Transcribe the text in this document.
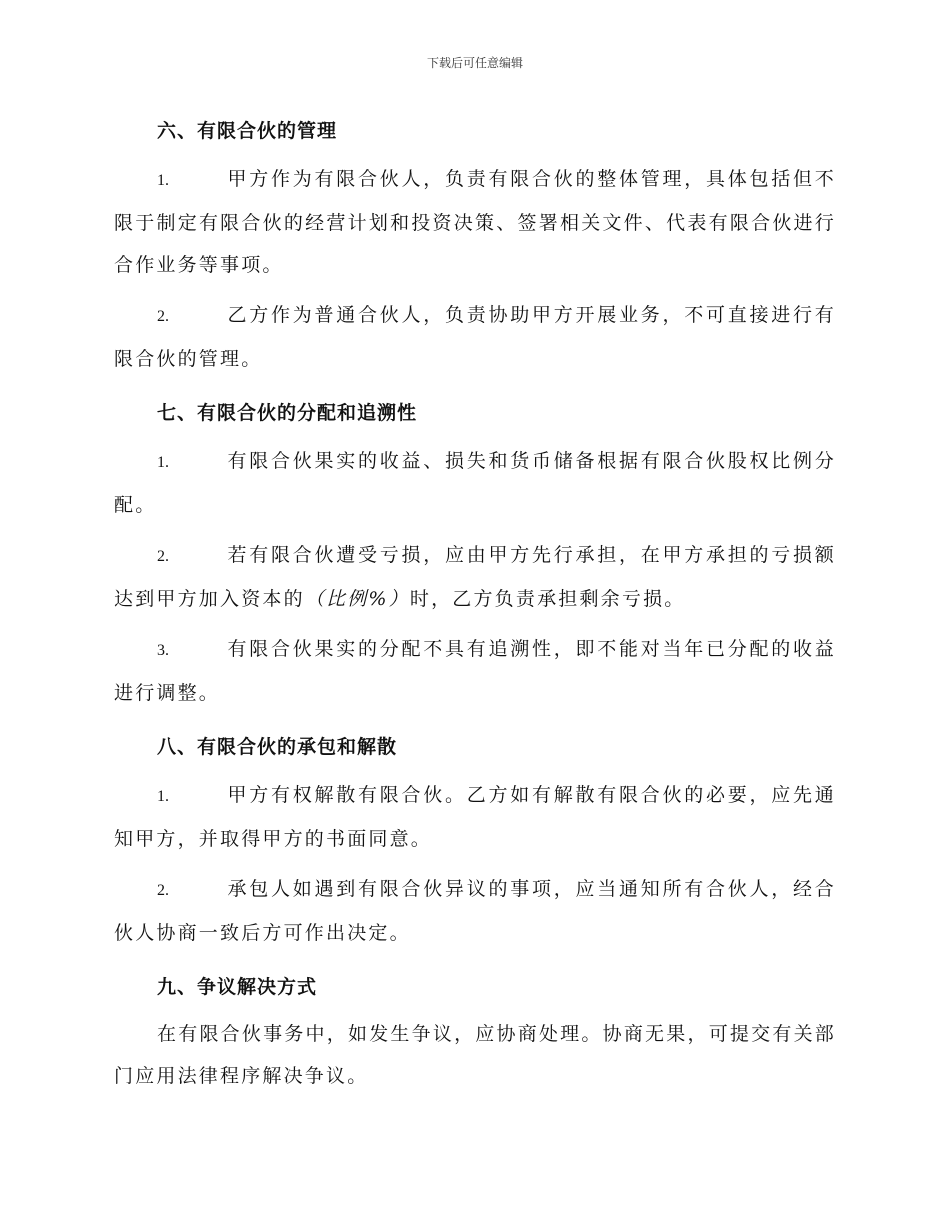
下载后可任意编辑
六、有限合伙的管理
1.	甲方作为有限合伙人，负责有限合伙的整体管理，具体包括但不限于制定有限合伙的经营计划和投资决策、签署相关文件、代表有限合伙进行合作业务等事项。
2.	乙方作为普通合伙人，负责协助甲方开展业务，不可直接进行有限合伙的管理。
七、有限合伙的分配和追溯性
1.	有限合伙果实的收益、损失和货币储备根据有限合伙股权比例分配。
2.	若有限合伙遭受亏损，应由甲方先行承担，在甲方承担的亏损额达到甲方加入资本的（比例%）时，乙方负责承担剩余亏损。
3.	有限合伙果实的分配不具有追溯性，即不能对当年已分配的收益进行调整。
八、有限合伙的承包和解散
1.	甲方有权解散有限合伙。乙方如有解散有限合伙的必要，应先通知甲方，并取得甲方的书面同意。
2.	承包人如遇到有限合伙异议的事项，应当通知所有合伙人，经合伙人协商一致后方可作出决定。
九、争议解决方式
在有限合伙事务中，如发生争议，应协商处理。协商无果，可提交有关部门应用法律程序解决争议。
